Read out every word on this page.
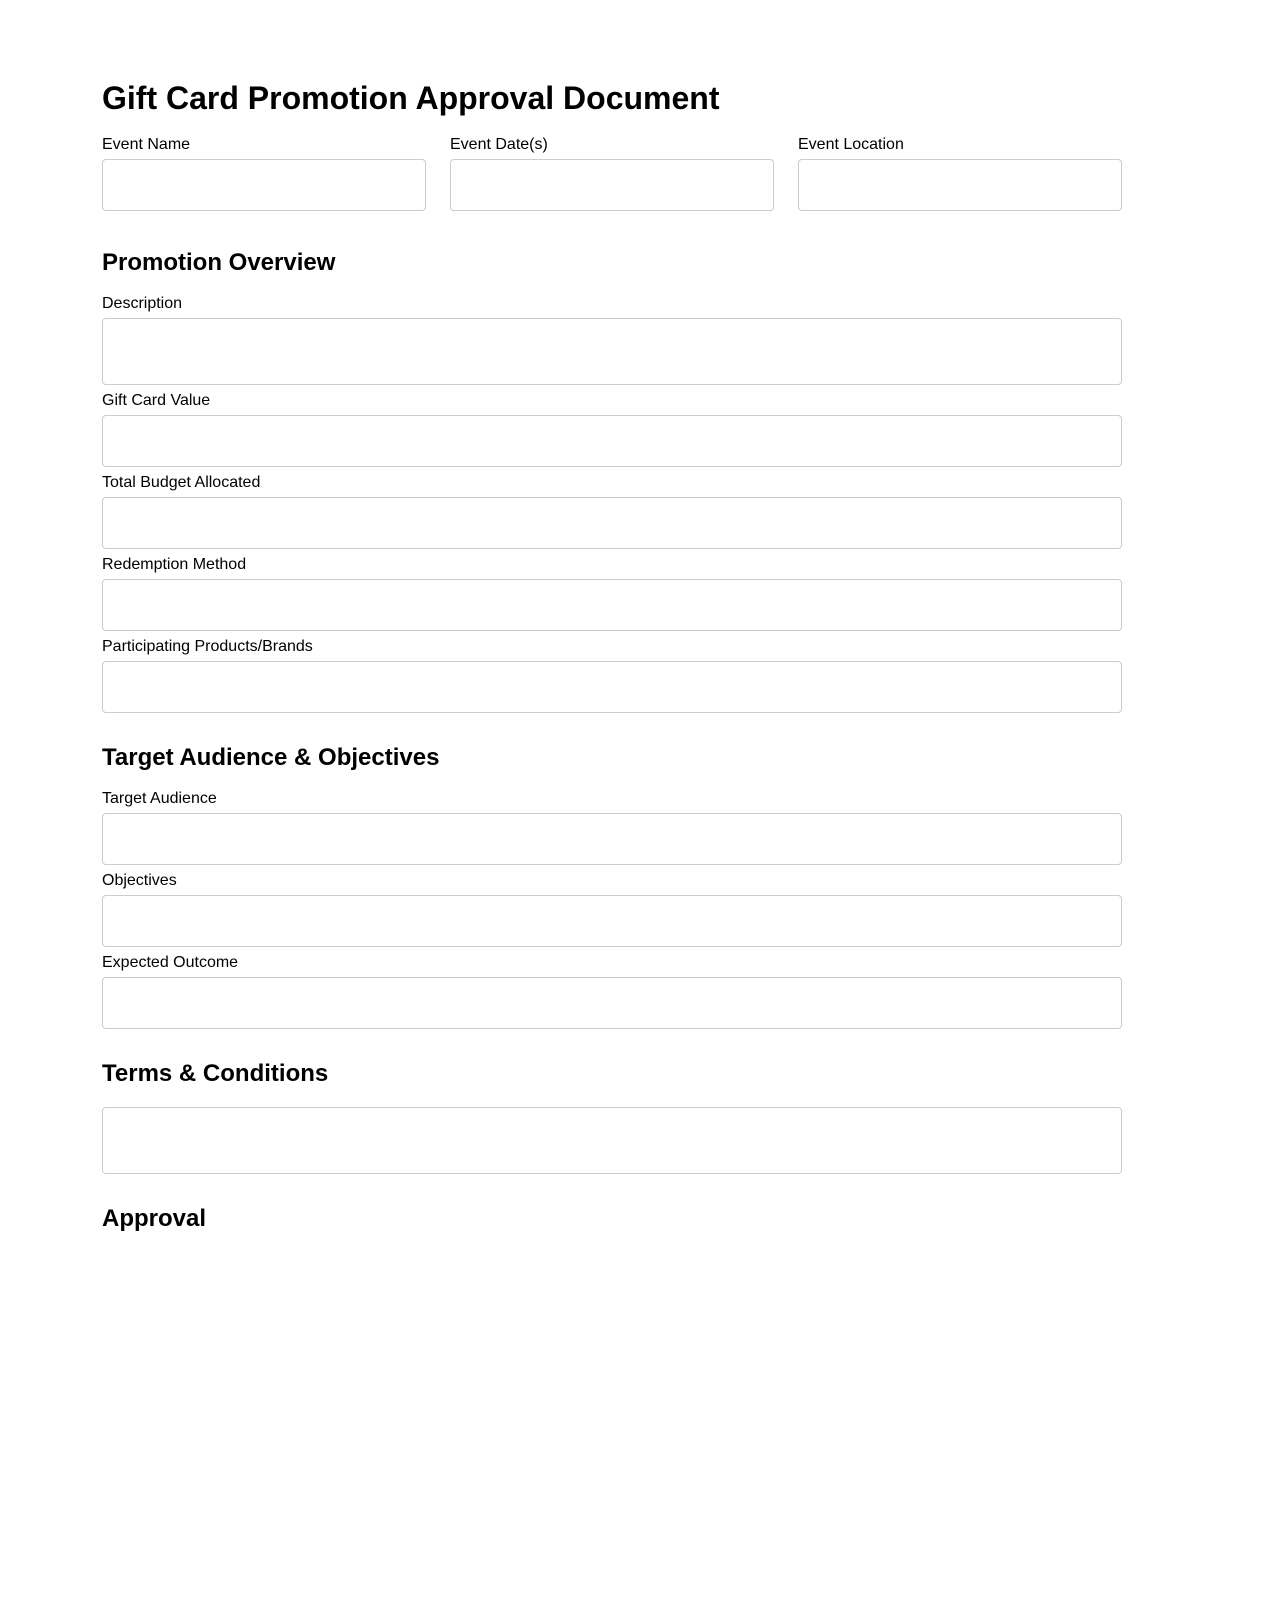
Gift Card Promotion Approval Document
Event Name	Event Date(s)	Event Location
Promotion Overview
Description
Gift Card Value
Total Budget Allocated
Redemption Method
Participating Products/Brands
Target Audience & Objectives
Target Audience
Objectives
Expected Outcome
Terms & Conditions
Approval
